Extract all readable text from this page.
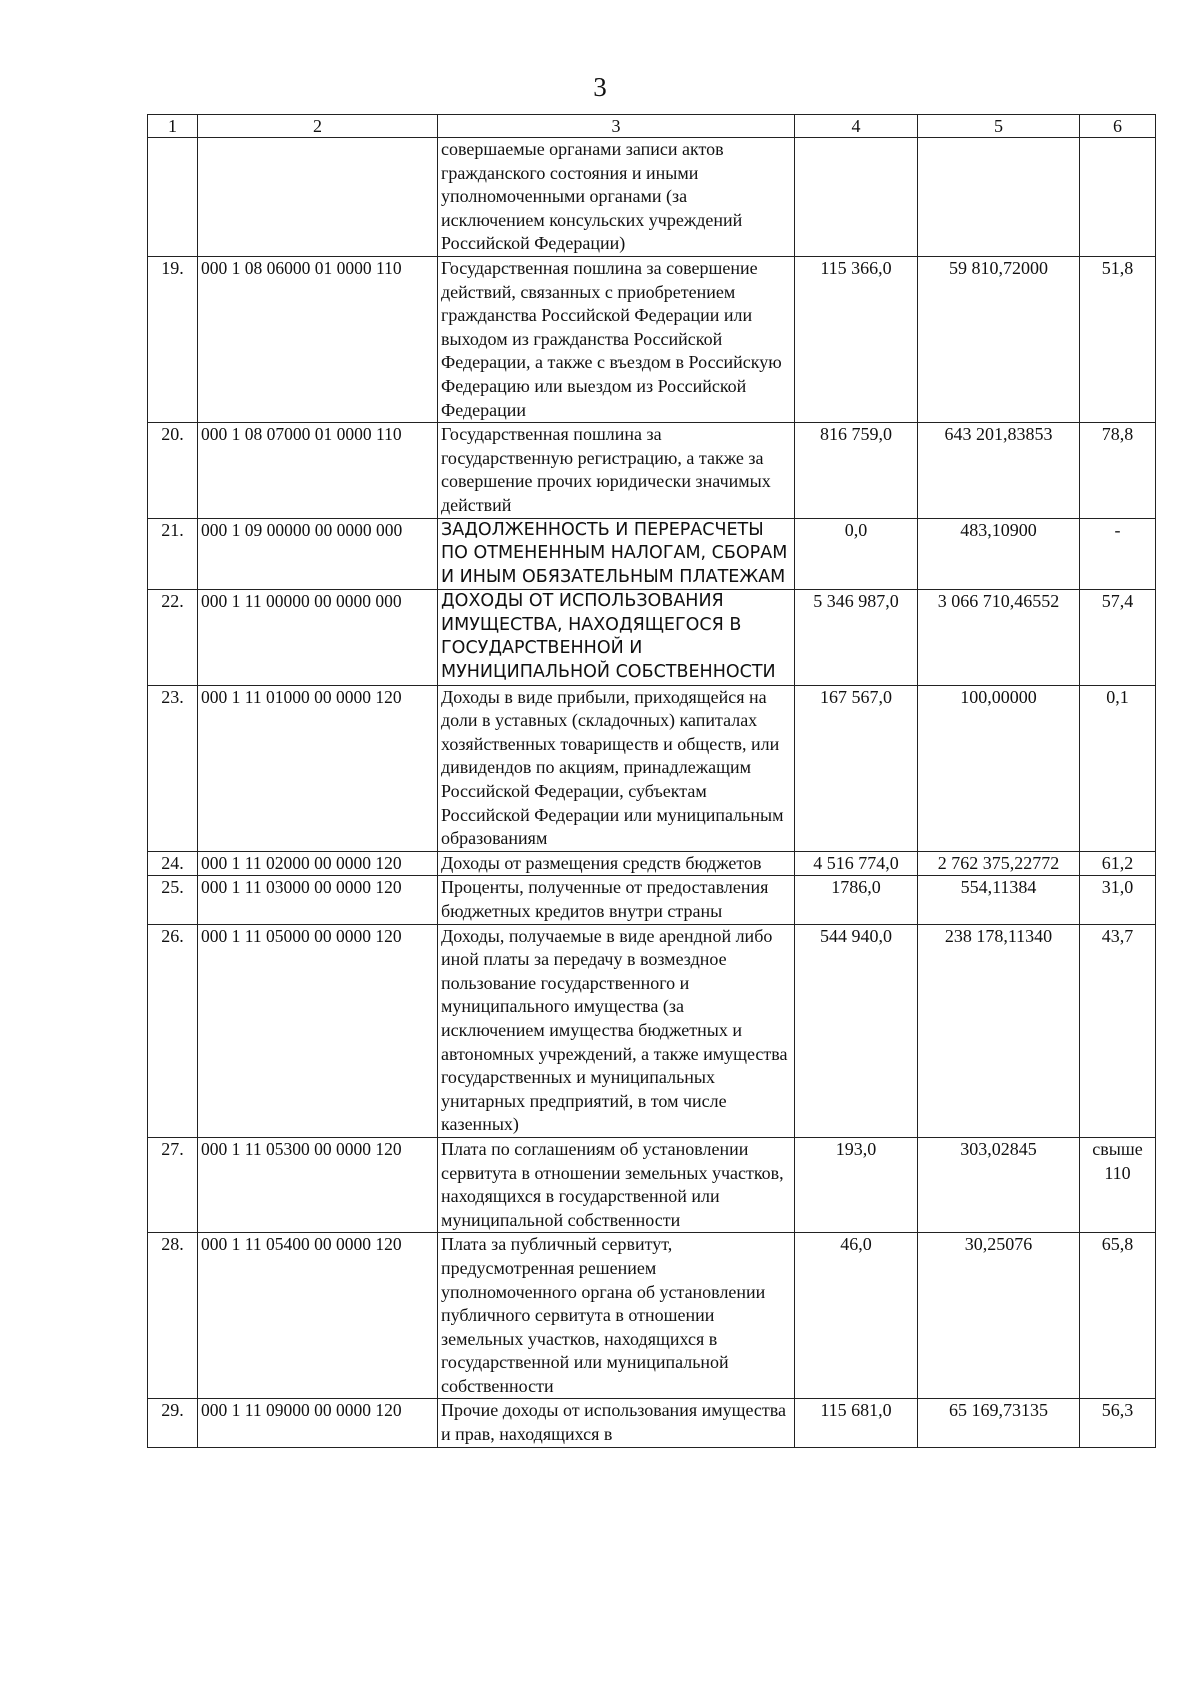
3
1	2	3	4	5	6
		совершаемые органами записи актов гражданского состояния и иными уполномоченными органами (за исключением консульских учреждений Российской Федерации)			
19.	000 1 08 06000 01 0000 110	Государственная пошлина за совершение действий, связанных с приобретением гражданства Российской Федерации или выходом из гражданства Российской Федерации, а также с въездом в Российскую Федерацию или выездом из Российской Федерации	115 366,0	59 810,72000	51,8
20.	000 1 08 07000 01 0000 110	Государственная пошлина за государственную регистрацию, а также за совершение прочих юридически значимых действий	816 759,0	643 201,83853	78,8
21.	000 1 09 00000 00 0000 000	ЗАДОЛЖЕННОСТЬ И ПЕРЕРАСЧЕТЫ ПО ОТМЕНЕННЫМ НАЛОГАМ, СБОРАМ И ИНЫМ ОБЯЗАТЕЛЬНЫМ ПЛАТЕЖАМ	0,0	483,10900	-
22.	000 1 11 00000 00 0000 000	ДОХОДЫ ОТ ИСПОЛЬЗОВАНИЯ ИМУЩЕСТВА, НАХОДЯЩЕГОСЯ В ГОСУДАРСТВЕННОЙ И МУНИЦИПАЛЬНОЙ СОБСТВЕННОСТИ	5 346 987,0	3 066 710,46552	57,4
23.	000 1 11 01000 00 0000 120	Доходы в виде прибыли, приходящейся на доли в уставных (складочных) капиталах хозяйственных товариществ и обществ, или дивидендов по акциям, принадлежащим Российской Федерации, субъектам Российской Федерации или муниципальным образованиям	167 567,0	100,00000	0,1
24.	000 1 11 02000 00 0000 120	Доходы от размещения средств бюджетов	4 516 774,0	2 762 375,22772	61,2
25.	000 1 11 03000 00 0000 120	Проценты, полученные от предоставления бюджетных кредитов внутри страны	1786,0	554,11384	31,0
26.	000 1 11 05000 00 0000 120	Доходы, получаемые в виде арендной либо иной платы за передачу в возмездное пользование государственного и муниципального имущества (за исключением имущества бюджетных и автономных учреждений, а также имущества государственных и муниципальных унитарных предприятий, в том числе казенных)	544 940,0	238 178,11340	43,7
27.	000 1 11 05300 00 0000 120	Плата по соглашениям об установлении сервитута в отношении земельных участков, находящихся в государственной или муниципальной собственности	193,0	303,02845	свыше 110
28.	000 1 11 05400 00 0000 120	Плата за публичный сервитут, предусмотренная решением уполномоченного органа об установлении публичного сервитута в отношении земельных участков, находящихся в государственной или муниципальной собственности	46,0	30,25076	65,8
29.	000 1 11 09000 00 0000 120	Прочие доходы от использования имущества и прав, находящихся в	115 681,0	65 169,73135	56,3
